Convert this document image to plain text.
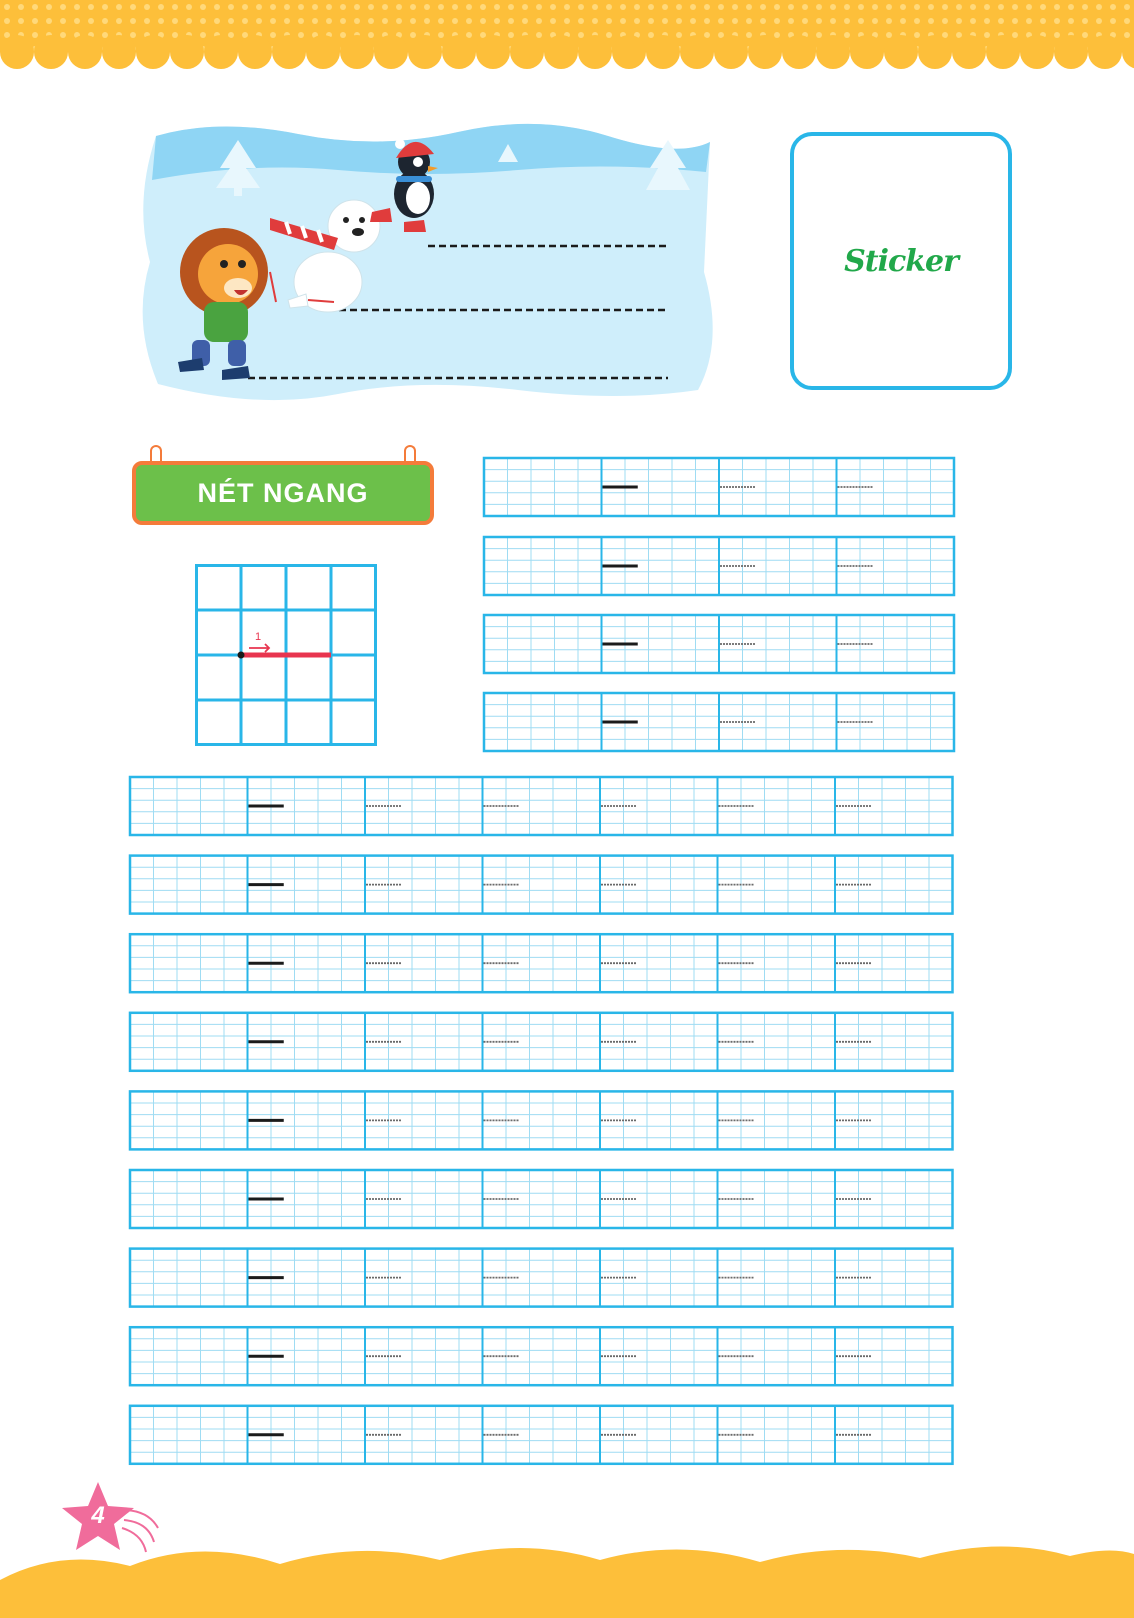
Sticker
NÉT NGANG
1
4
